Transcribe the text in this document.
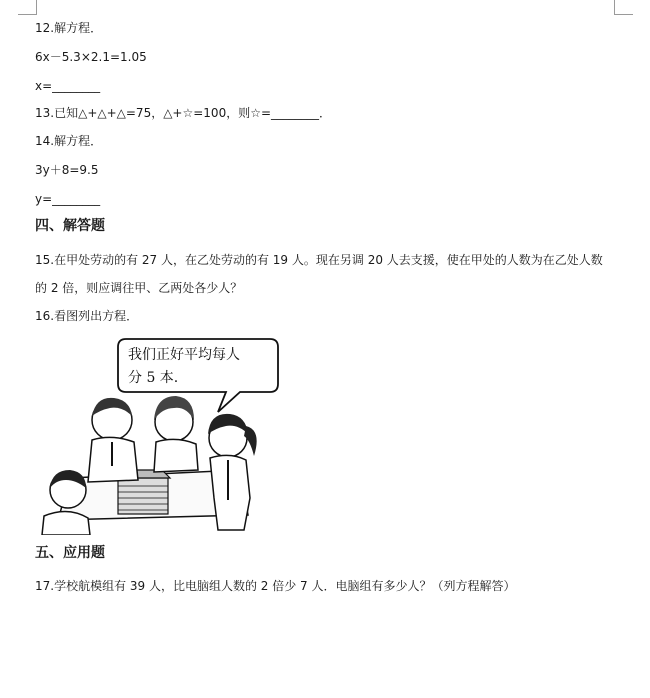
12.解方程．
6x－5.3×2.1=1.05
x=________
13.已知△+△+△=75，△+☆=100，则☆=________．
14.解方程．
3y＋8=9.5
y=________
四、解答题
15.在甲处劳动的有 27 人，在乙处劳动的有 19 人。现在另调 20 人去支援，使在甲处的人数为在乙处人数
的 2 倍，则应调往甲、乙两处各少人？
16.看图列出方程．
我们正好平均每人
分 5 本.
五、应用题
17.学校航模组有 39 人，比电脑组人数的 2 倍少 7 人．电脑组有多少人？（列方程解答）
